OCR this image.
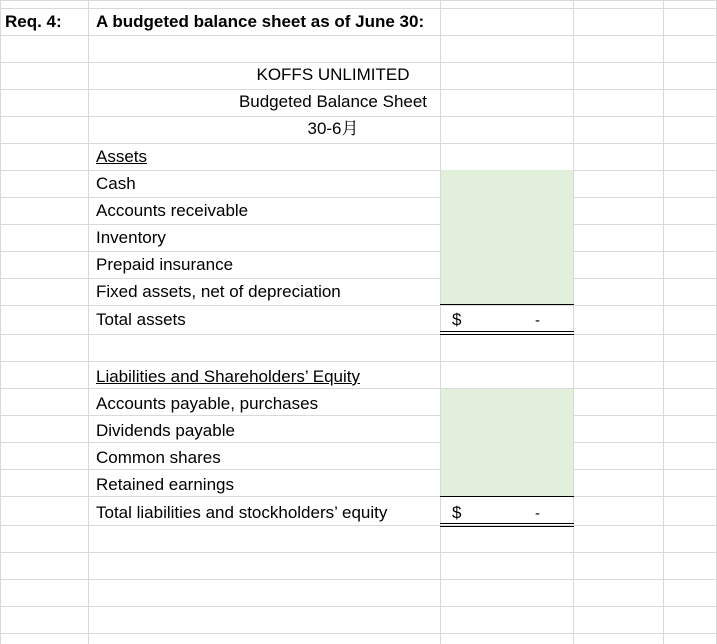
Req. 4: A budgeted balance sheet as of June 30:
KOFFS UNLIMITED
Budgeted Balance Sheet
30-6月
Assets
Cash
Accounts receivable
Inventory
Prepaid insurance
Fixed assets, net of depreciation
Total assets	$	-
Liabilities and Shareholders’ Equity
Accounts payable, purchases
Dividends payable
Common shares
Retained earnings
Total liabilities and stockholders’ equity	$	-
